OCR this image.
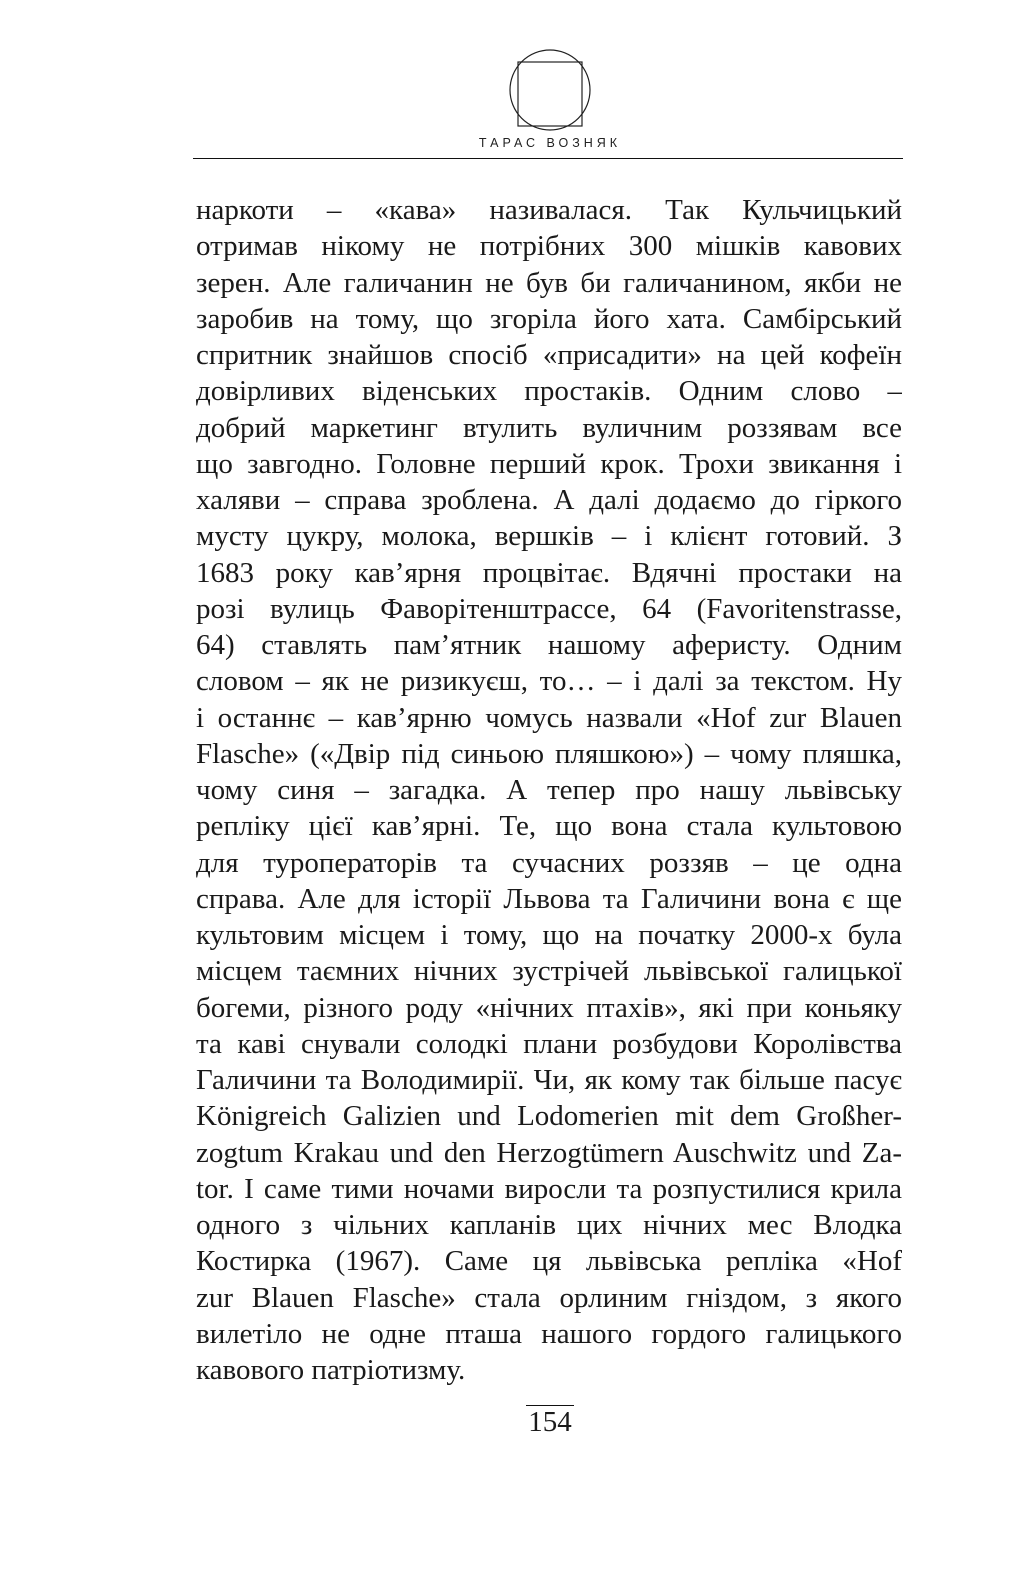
ТАРАС ВОЗНЯК
наркоти – «кава» називалася. Так Кульчицький
отримав нікому не потрібних 300 мішків кавових
зерен. Але галичанин не був би галичанином, якби не
заробив на тому, що згоріла його хата. Самбірський
спритник знайшов спосіб «присадити» на цей кофеїн
довірливих віденських простаків. Одним слово –
добрий маркетинг втулить вуличним роззявам все
що завгодно. Головне перший крок. Трохи звикання і
халяви – справа зроблена. А далі додаємо до гіркого
мусту цукру, молока, вершків – і клієнт готовий. З
1683 року кав’ярня процвітає. Вдячні простаки на
розі вулиць Фаворітенштрассе, 64 (Favoritenstrasse,
64) ставлять пам’ятник нашому аферисту. Одним
словом – як не ризикуєш, то… – і далі за текстом. Ну
і останнє – кав’ярню чомусь назвали «Hof zur Blauen
Flasche» («Двір під синьою пляшкою») – чому пляшка,
чому синя – загадка. А тепер про нашу львівську
репліку цієї кав’ярні. Те, що вона стала культовою
для туроператорів та сучасних роззяв – це одна
справа. Але для історії Львова та Галичини вона є ще
культовим місцем і тому, що на початку 2000-х була
місцем таємних нічних зустрічей львівської галицької
богеми, різного роду «нічних птахів», які при коньяку
та каві снували солодкі плани розбудови Королівства
Галичини та Володимирії. Чи, як кому так більше пасує
Königreich Galizien und Lodomerien mit dem Großher-
zogtum Krakau und den Herzogtümern Auschwitz und Za-
tor. І саме тими ночами виросли та розпустилися крила
одного з чільних капланів цих нічних мес Влодка
Костирка (1967). Саме ця львівська репліка «Hof
zur Blauen Flasche» стала орлиним гніздом, з якого
вилетіло не одне пташа нашого гордого галицького
кавового патріотизму.
154
